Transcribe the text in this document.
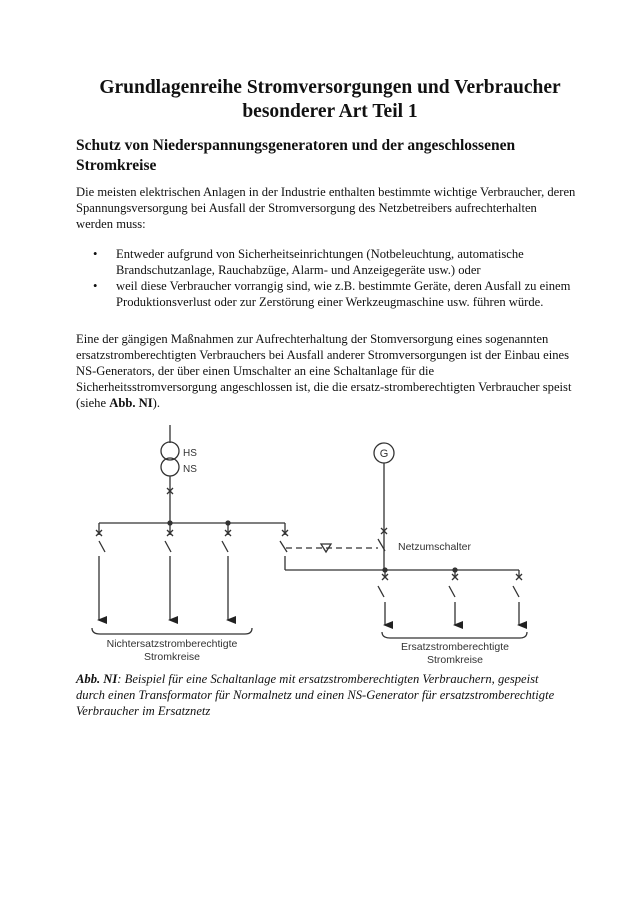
Grundlagenreihe Stromversorgungen und Verbraucher besonderer Art Teil 1
Schutz von Niederspannungsgeneratoren und der angeschlossenen Stromkreise

Die meisten elektrischen Anlagen in der Industrie enthalten bestimmte wichtige Verbraucher, deren Spannungsversorgung bei Ausfall der Stromversorgung des Netzbetreibers aufrechterhalten werden muss:

• Entweder aufgrund von Sicherheitseinrichtungen (Notbeleuchtung, automatische Brandschutzanlage, Rauchabzüge, Alarm- und Anzeigegeräte usw.) oder
• weil diese Verbraucher vorrangig sind, wie z.B. bestimmte Geräte, deren Ausfall zu einem Produktionsverlust oder zur Zerstörung einer Werkzeugmaschine usw. führen würde.

Eine der gängigen Maßnahmen zur Aufrechterhaltung der Stomversorgung eines sogenannten ersatzstromberechtigten Verbrauchers bei Ausfall anderer Stromversorgungen ist der Einbau eines NS-Generators, der über einen Umschalter an eine Schaltanlage für die Sicherheitsstromversorgung angeschlossen ist, die die ersatz-stromberechtigten Verbraucher speist (siehe Abb. NI).

HS
NS
G
Netzumschalter
Nichtersatzstromberechtigte
Stromkreise
Ersatzstromberechtigte
Stromkreise

Abb. NI: Beispiel für eine Schaltanlage mit ersatzstromberechtigten Verbrauchern, gespeist durch einen Transformator für Normalnetz und einen NS-Generator für ersatzstromberechtigte Verbraucher im Ersatznetz
